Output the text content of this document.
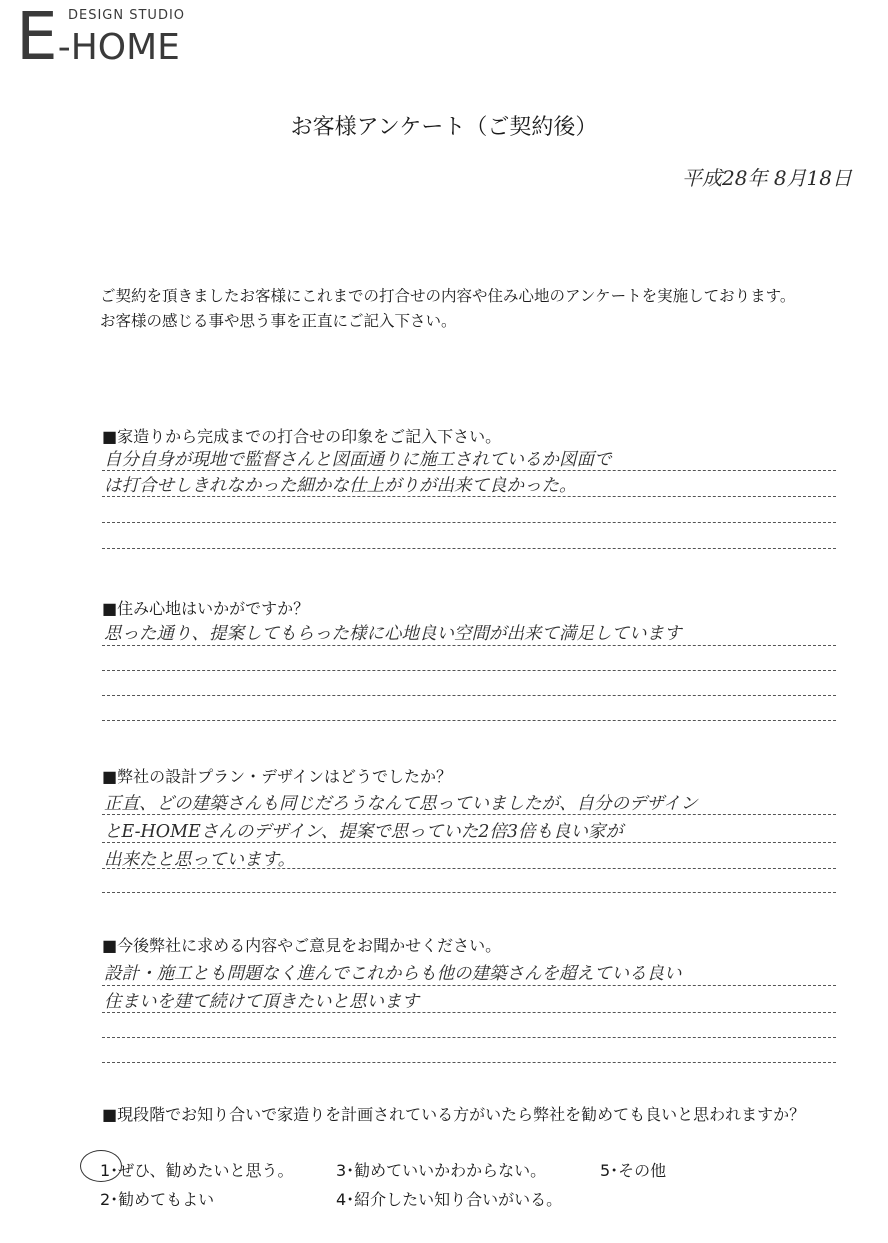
DESIGN STUDIO
E-HOME
お客様アンケート（ご契約後）
平成28年 8月18日
ご契約を頂きましたお客様にこれまでの打合せの内容や住み心地のアンケートを実施しております。
お客様の感じる事や思う事を正直にご記入下さい。
■家造りから完成までの打合せの印象をご記入下さい。
自分自身が現地で監督さんと図面通りに施工されているか図面で
は打合せしきれなかった細かな仕上がりが出来て良かった。
■住み心地はいかがですか？
思った通り、提案してもらった様に心地良い空間が出来て満足しています
■弊社の設計プラン・デザインはどうでしたか？
正直、どの建築さんも同じだろうなんて思っていましたが、自分のデザイン
とE-HOMEさんのデザイン、提案で思っていた2倍3倍も良い家が
出来たと思っています。
■今後弊社に求める内容やご意見をお聞かせください。
設計・施工とも問題なく進んでこれからも他の建築さんを超えている良い
住まいを建て続けて頂きたいと思います
■現段階でお知り合いで家造りを計画されている方がいたら弊社を勧めても良いと思われますか？
1･ぜひ、勧めたいと思う。	3･勧めていいかわからない。	5･その他
2･勧めてもよい	4･紹介したい知り合いがいる。
